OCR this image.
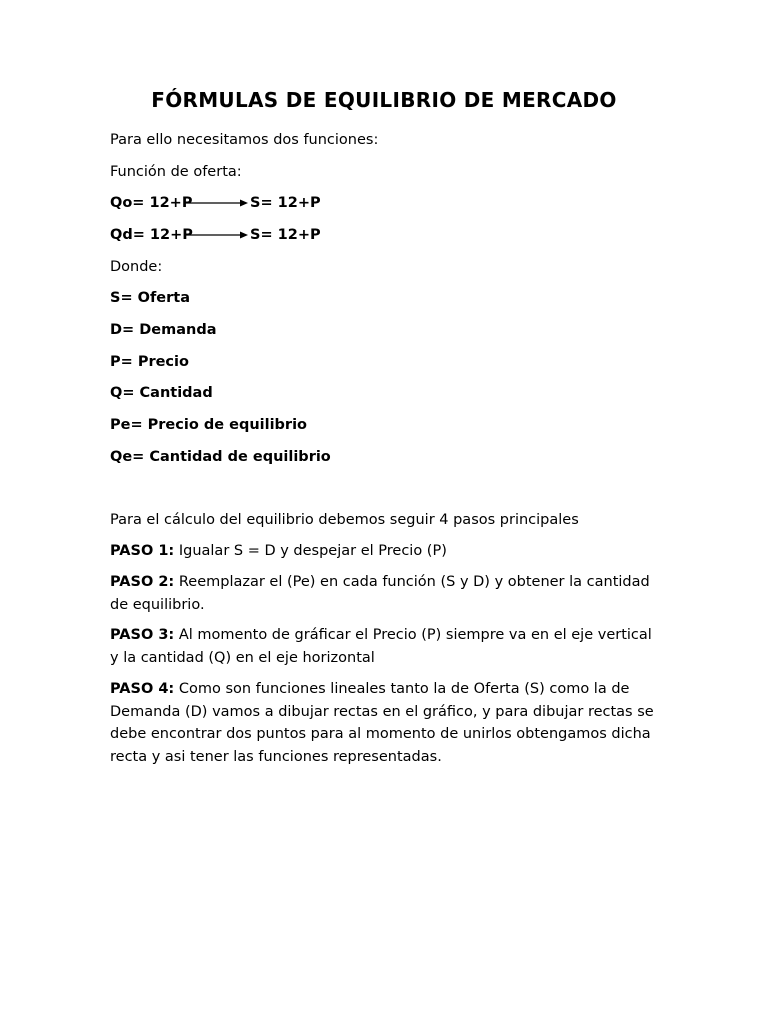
FÓRMULAS DE EQUILIBRIO DE MERCADO

Para ello necesitamos dos funciones:

Función de oferta:

Qo= 12+P	S= 12+P
Qd= 12+P	S= 12+P

Donde:

S= Oferta

D= Demanda

P= Precio

Q= Cantidad

Pe= Precio de equilibrio

Qe= Cantidad de equilibrio

Para el cálculo del equilibrio debemos seguir 4 pasos principales

PASO 1: Igualar S = D y despejar el Precio (P)

PASO 2: Reemplazar el (Pe) en cada función (S y D) y obtener la cantidad de equilibrio.

PASO 3: Al momento de gráficar el Precio (P) siempre va en el eje vertical y la cantidad (Q) en el eje horizontal

PASO 4: Como son funciones lineales tanto la de Oferta (S) como la de Demanda (D) vamos a dibujar rectas en el gráfico, y para dibujar rectas se debe encontrar dos puntos para al momento de unirlos obtengamos dicha recta y asi tener las funciones representadas.
